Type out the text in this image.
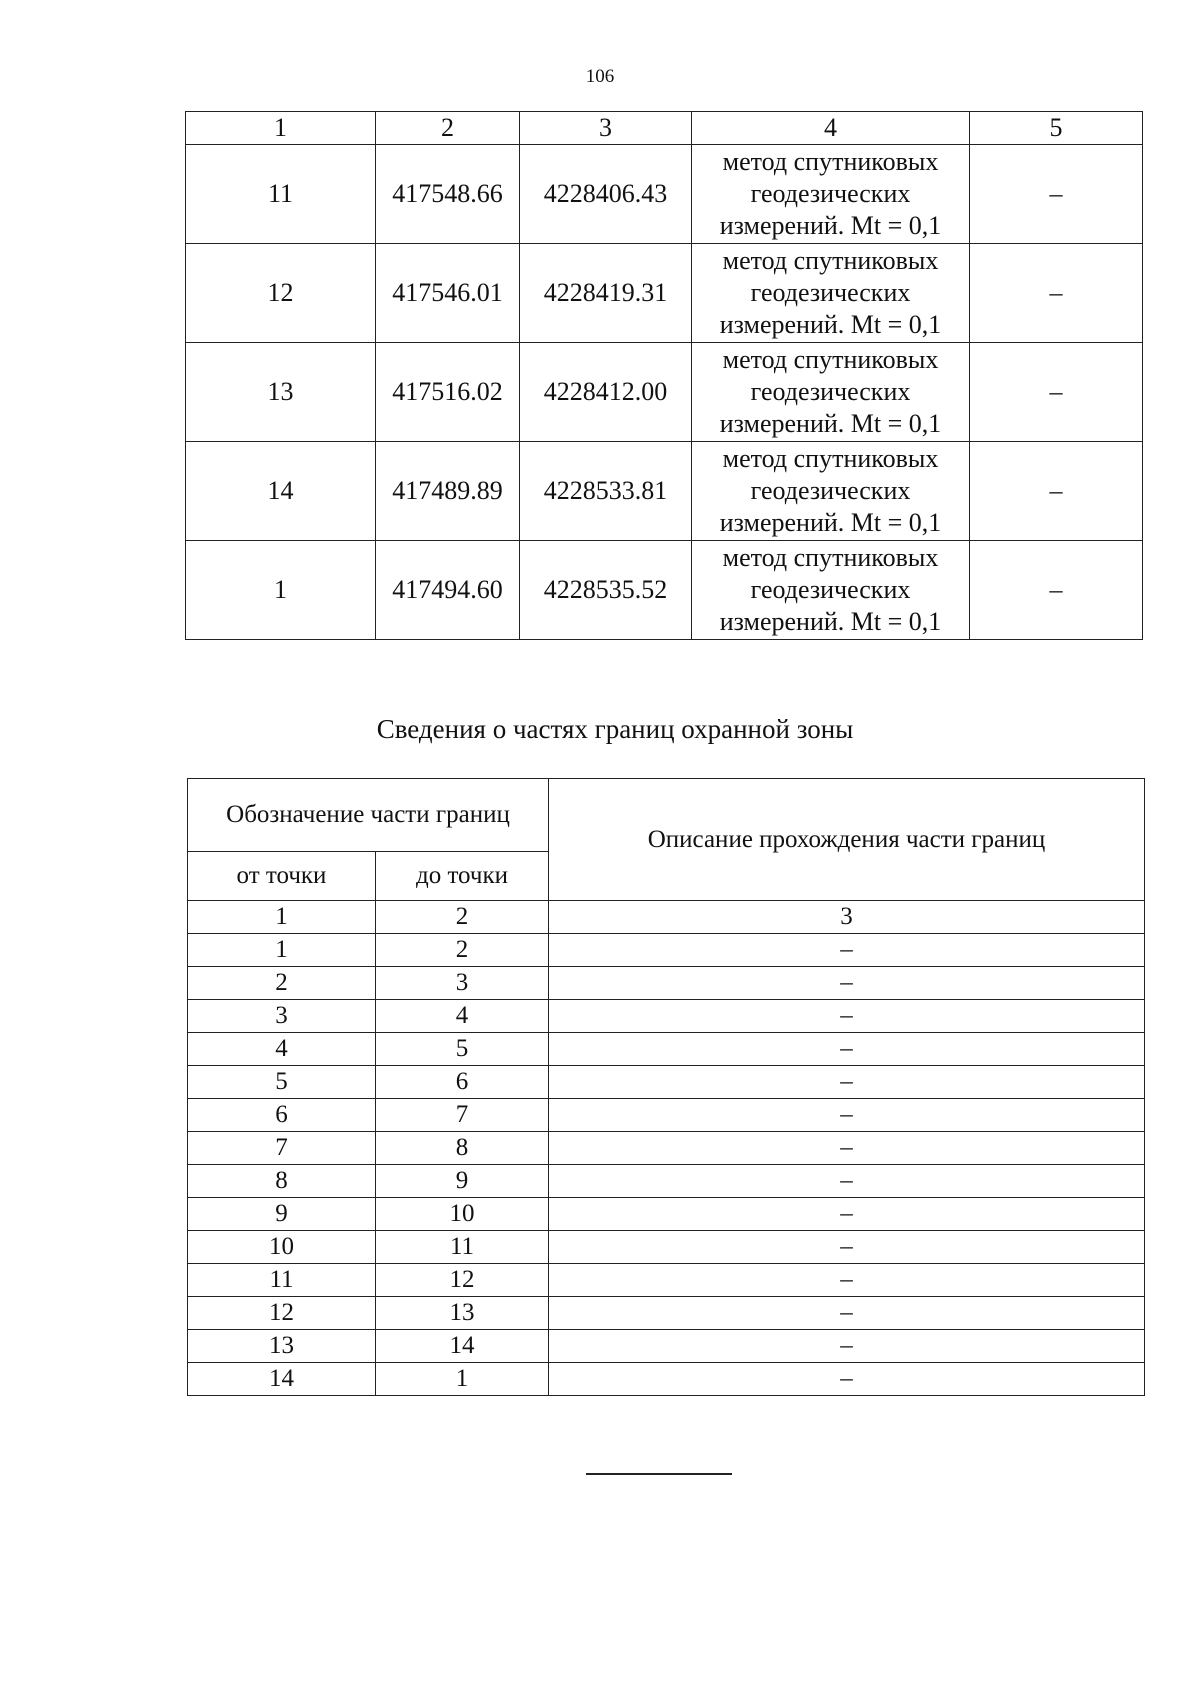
106
1	2	3	4	5
11	417548.66	4228406.43	метод спутниковых
геодезических
измерений. Mt = 0,1	–
12	417546.01	4228419.31	метод спутниковых
геодезических
измерений. Mt = 0,1	–
13	417516.02	4228412.00	метод спутниковых
геодезических
измерений. Mt = 0,1	–
14	417489.89	4228533.81	метод спутниковых
геодезических
измерений. Mt = 0,1	–
1	417494.60	4228535.52	метод спутниковых
геодезических
измерений. Mt = 0,1	–
Сведения о частях границ охранной зоны
Обозначение части границ		Описание прохождения части границ
от точки	до точки	
1	2	3
1	2	–
2	3	–
3	4	–
4	5	–
5	6	–
6	7	–
7	8	–
8	9	–
9	10	–
10	11	–
11	12	–
12	13	–
13	14	–
14	1	–
